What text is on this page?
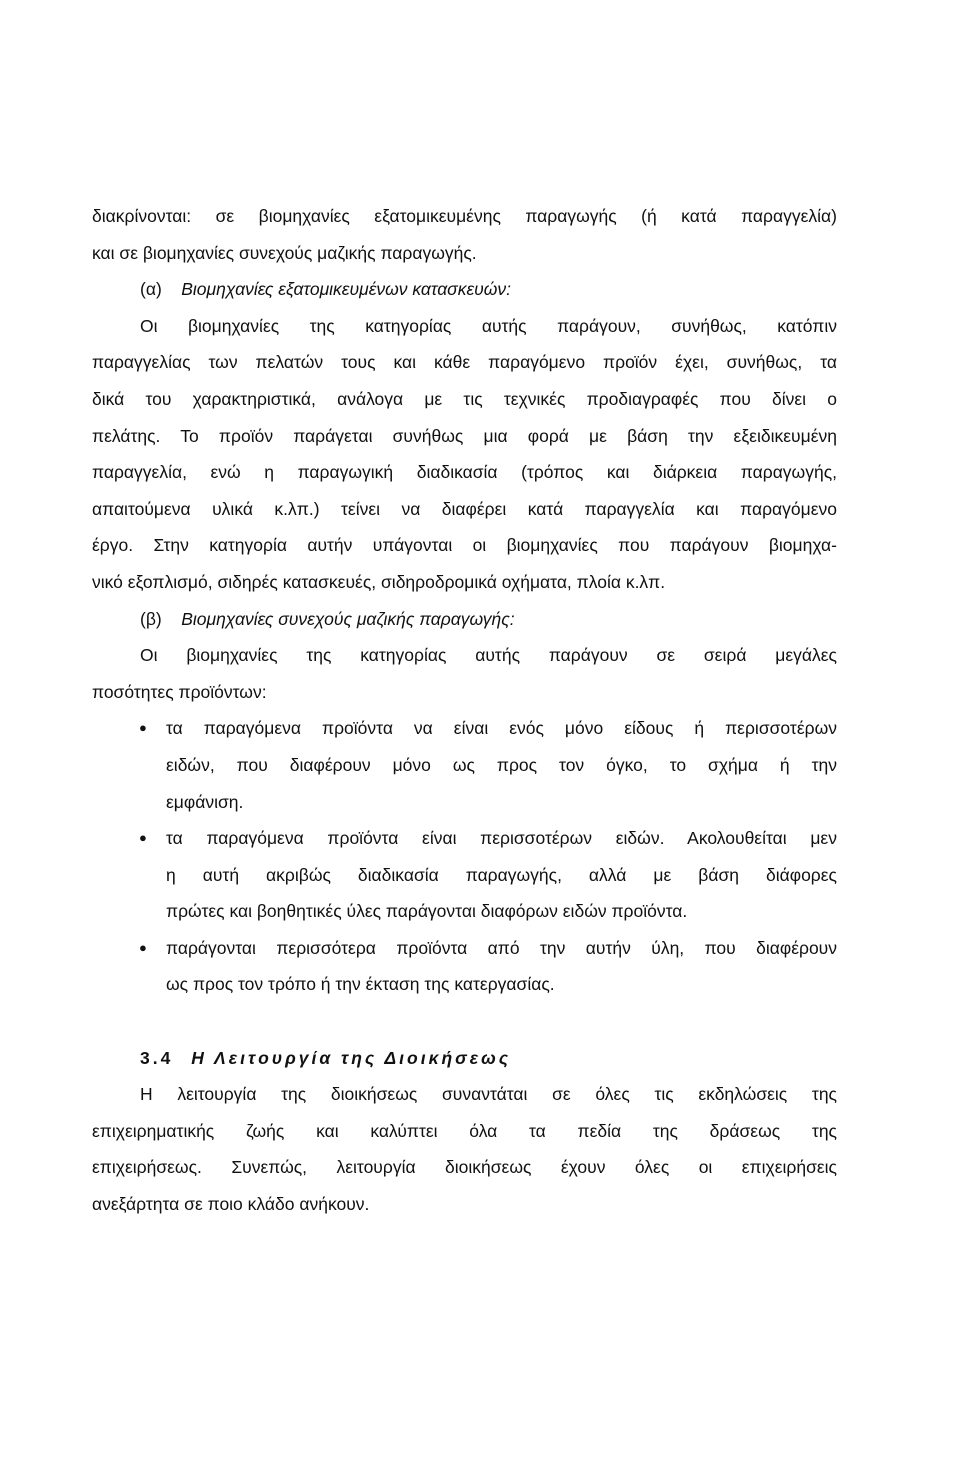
διακρίνονται: σε βιομηχανίες εξατομικευμένης παραγωγής (ή κατά παραγγελία)
και σε βιομηχανίες συνεχούς μαζικής παραγωγής.
(α) Βιομηχανίες εξατομικευμένων κατασκευών:
Οι βιομηχανίες της κατηγορίας αυτής παράγουν, συνήθως, κατόπιν
παραγγελίας των πελατών τους και κάθε παραγόμενο προϊόν έχει, συνήθως, τα
δικά του χαρακτηριστικά, ανάλογα με τις τεχνικές προδιαγραφές που δίνει ο
πελάτης. Το προϊόν παράγεται συνήθως μια φορά με βάση την εξειδικευμένη
παραγγελία, ενώ η παραγωγική διαδικασία (τρόπος και διάρκεια παραγωγής,
απαιτούμενα υλικά κ.λπ.) τείνει να διαφέρει κατά παραγγελία και παραγόμενο
έργο. Στην κατηγορία αυτήν υπάγονται οι βιομηχανίες που παράγουν βιομηχα-
νικό εξοπλισμό, σιδηρές κατασκευές, σιδηροδρομικά οχήματα, πλοία κ.λπ.
(β) Βιομηχανίες συνεχούς μαζικής παραγωγής:
Οι βιομηχανίες της κατηγορίας αυτής παράγουν σε σειρά μεγάλες
ποσότητες προϊόντων:
● τα παραγόμενα προϊόντα να είναι ενός μόνο είδους ή περισσοτέρων
ειδών, που διαφέρουν μόνο ως προς τον όγκο, το σχήμα ή την
εμφάνιση.
● τα παραγόμενα προϊόντα είναι περισσοτέρων ειδών. Ακολουθείται μεν
η αυτή ακριβώς διαδικασία παραγωγής, αλλά με βάση διάφορες
πρώτες και βοηθητικές ύλες παράγονται διαφόρων ειδών προϊόντα.
● παράγονται περισσότερα προϊόντα από την αυτήν ύλη, που διαφέρουν
ως προς τον τρόπο ή την έκταση της κατεργασίας.
3.4 Η Λειτουργία της Διοικήσεως
Η λειτουργία της διοικήσεως συναντάται σε όλες τις εκδηλώσεις της
επιχειρηματικής ζωής και καλύπτει όλα τα πεδία της δράσεως της
επιχειρήσεως. Συνεπώς, λειτουργία διοικήσεως έχουν όλες οι επιχειρήσεις
ανεξάρτητα σε ποιο κλάδο ανήκουν.
